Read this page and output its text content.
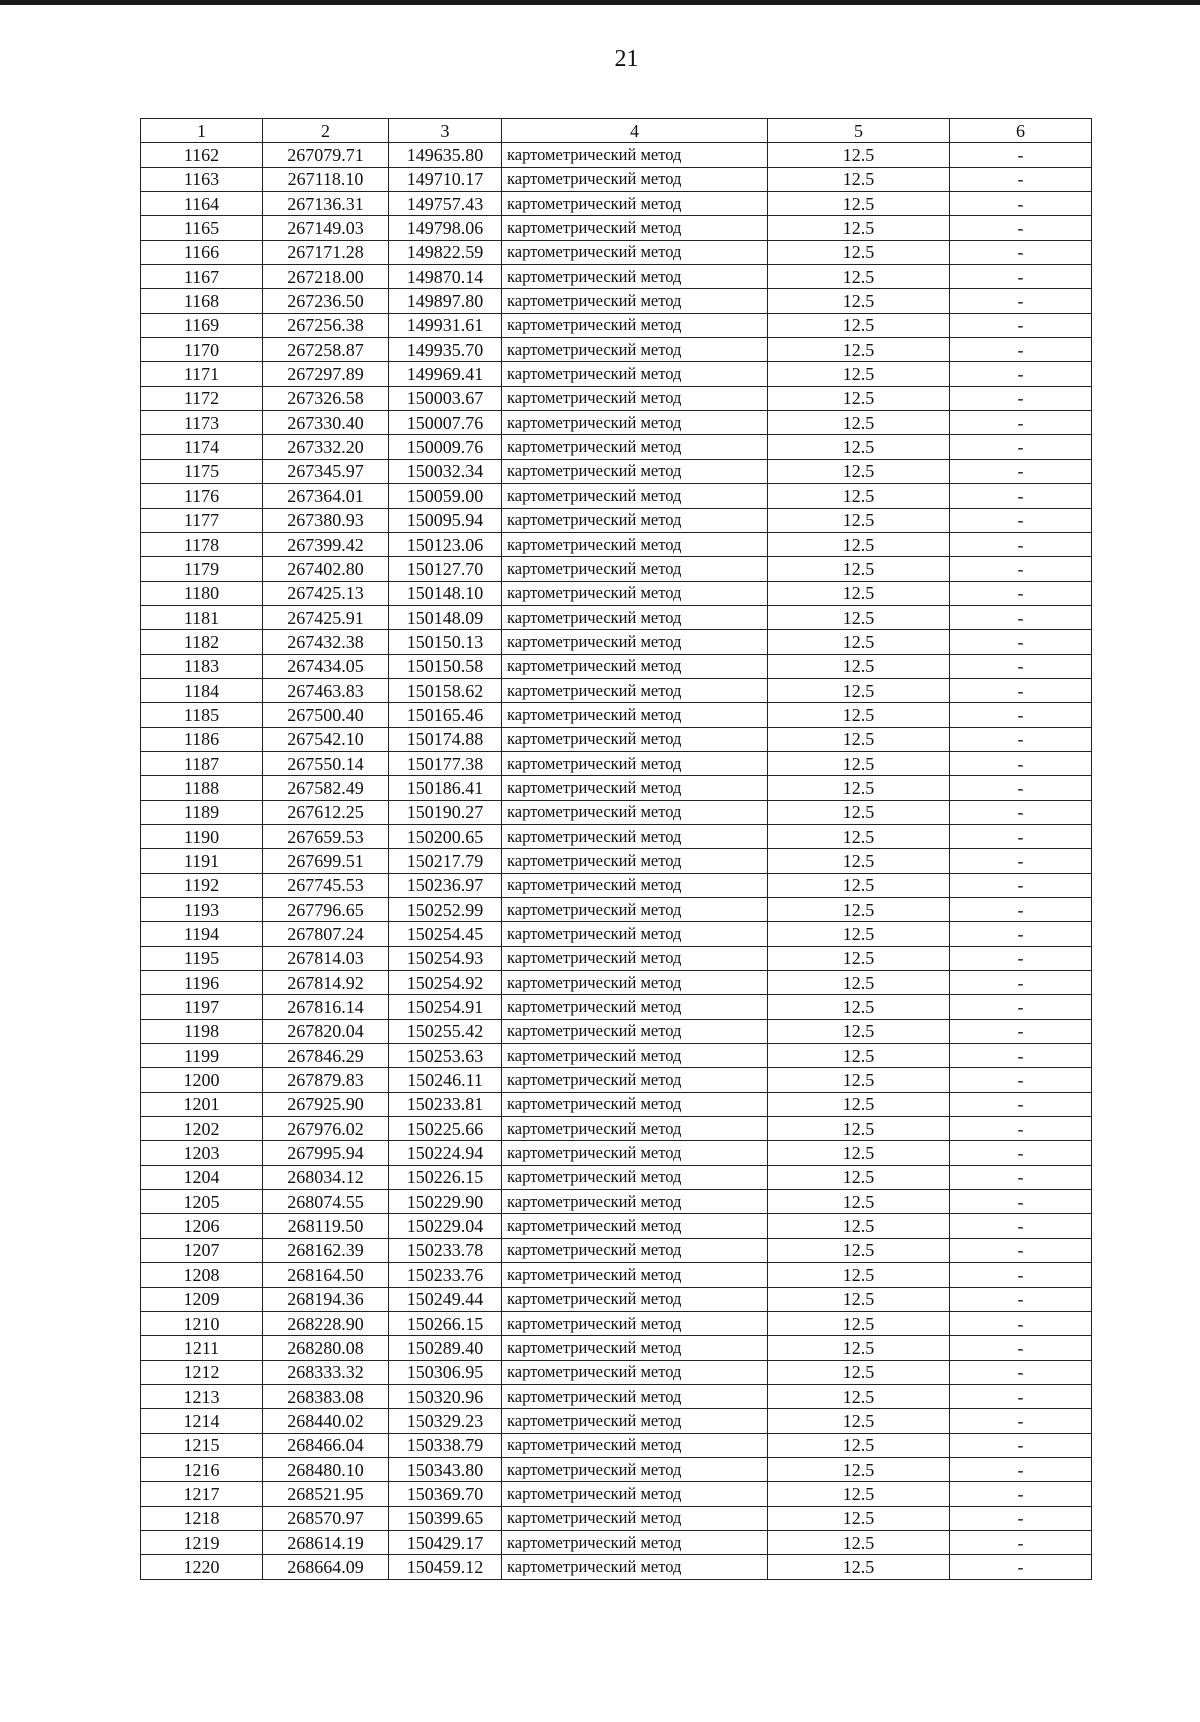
21
1	2	3	4	5	6
1162	267079.71	149635.80	картометрический метод	12.5	-
1163	267118.10	149710.17	картометрический метод	12.5	-
1164	267136.31	149757.43	картометрический метод	12.5	-
1165	267149.03	149798.06	картометрический метод	12.5	-
1166	267171.28	149822.59	картометрический метод	12.5	-
1167	267218.00	149870.14	картометрический метод	12.5	-
1168	267236.50	149897.80	картометрический метод	12.5	-
1169	267256.38	149931.61	картометрический метод	12.5	-
1170	267258.87	149935.70	картометрический метод	12.5	-
1171	267297.89	149969.41	картометрический метод	12.5	-
1172	267326.58	150003.67	картометрический метод	12.5	-
1173	267330.40	150007.76	картометрический метод	12.5	-
1174	267332.20	150009.76	картометрический метод	12.5	-
1175	267345.97	150032.34	картометрический метод	12.5	-
1176	267364.01	150059.00	картометрический метод	12.5	-
1177	267380.93	150095.94	картометрический метод	12.5	-
1178	267399.42	150123.06	картометрический метод	12.5	-
1179	267402.80	150127.70	картометрический метод	12.5	-
1180	267425.13	150148.10	картометрический метод	12.5	-
1181	267425.91	150148.09	картометрический метод	12.5	-
1182	267432.38	150150.13	картометрический метод	12.5	-
1183	267434.05	150150.58	картометрический метод	12.5	-
1184	267463.83	150158.62	картометрический метод	12.5	-
1185	267500.40	150165.46	картометрический метод	12.5	-
1186	267542.10	150174.88	картометрический метод	12.5	-
1187	267550.14	150177.38	картометрический метод	12.5	-
1188	267582.49	150186.41	картометрический метод	12.5	-
1189	267612.25	150190.27	картометрический метод	12.5	-
1190	267659.53	150200.65	картометрический метод	12.5	-
1191	267699.51	150217.79	картометрический метод	12.5	-
1192	267745.53	150236.97	картометрический метод	12.5	-
1193	267796.65	150252.99	картометрический метод	12.5	-
1194	267807.24	150254.45	картометрический метод	12.5	-
1195	267814.03	150254.93	картометрический метод	12.5	-
1196	267814.92	150254.92	картометрический метод	12.5	-
1197	267816.14	150254.91	картометрический метод	12.5	-
1198	267820.04	150255.42	картометрический метод	12.5	-
1199	267846.29	150253.63	картометрический метод	12.5	-
1200	267879.83	150246.11	картометрический метод	12.5	-
1201	267925.90	150233.81	картометрический метод	12.5	-
1202	267976.02	150225.66	картометрический метод	12.5	-
1203	267995.94	150224.94	картометрический метод	12.5	-
1204	268034.12	150226.15	картометрический метод	12.5	-
1205	268074.55	150229.90	картометрический метод	12.5	-
1206	268119.50	150229.04	картометрический метод	12.5	-
1207	268162.39	150233.78	картометрический метод	12.5	-
1208	268164.50	150233.76	картометрический метод	12.5	-
1209	268194.36	150249.44	картометрический метод	12.5	-
1210	268228.90	150266.15	картометрический метод	12.5	-
1211	268280.08	150289.40	картометрический метод	12.5	-
1212	268333.32	150306.95	картометрический метод	12.5	-
1213	268383.08	150320.96	картометрический метод	12.5	-
1214	268440.02	150329.23	картометрический метод	12.5	-
1215	268466.04	150338.79	картометрический метод	12.5	-
1216	268480.10	150343.80	картометрический метод	12.5	-
1217	268521.95	150369.70	картометрический метод	12.5	-
1218	268570.97	150399.65	картометрический метод	12.5	-
1219	268614.19	150429.17	картометрический метод	12.5	-
1220	268664.09	150459.12	картометрический метод	12.5	-
